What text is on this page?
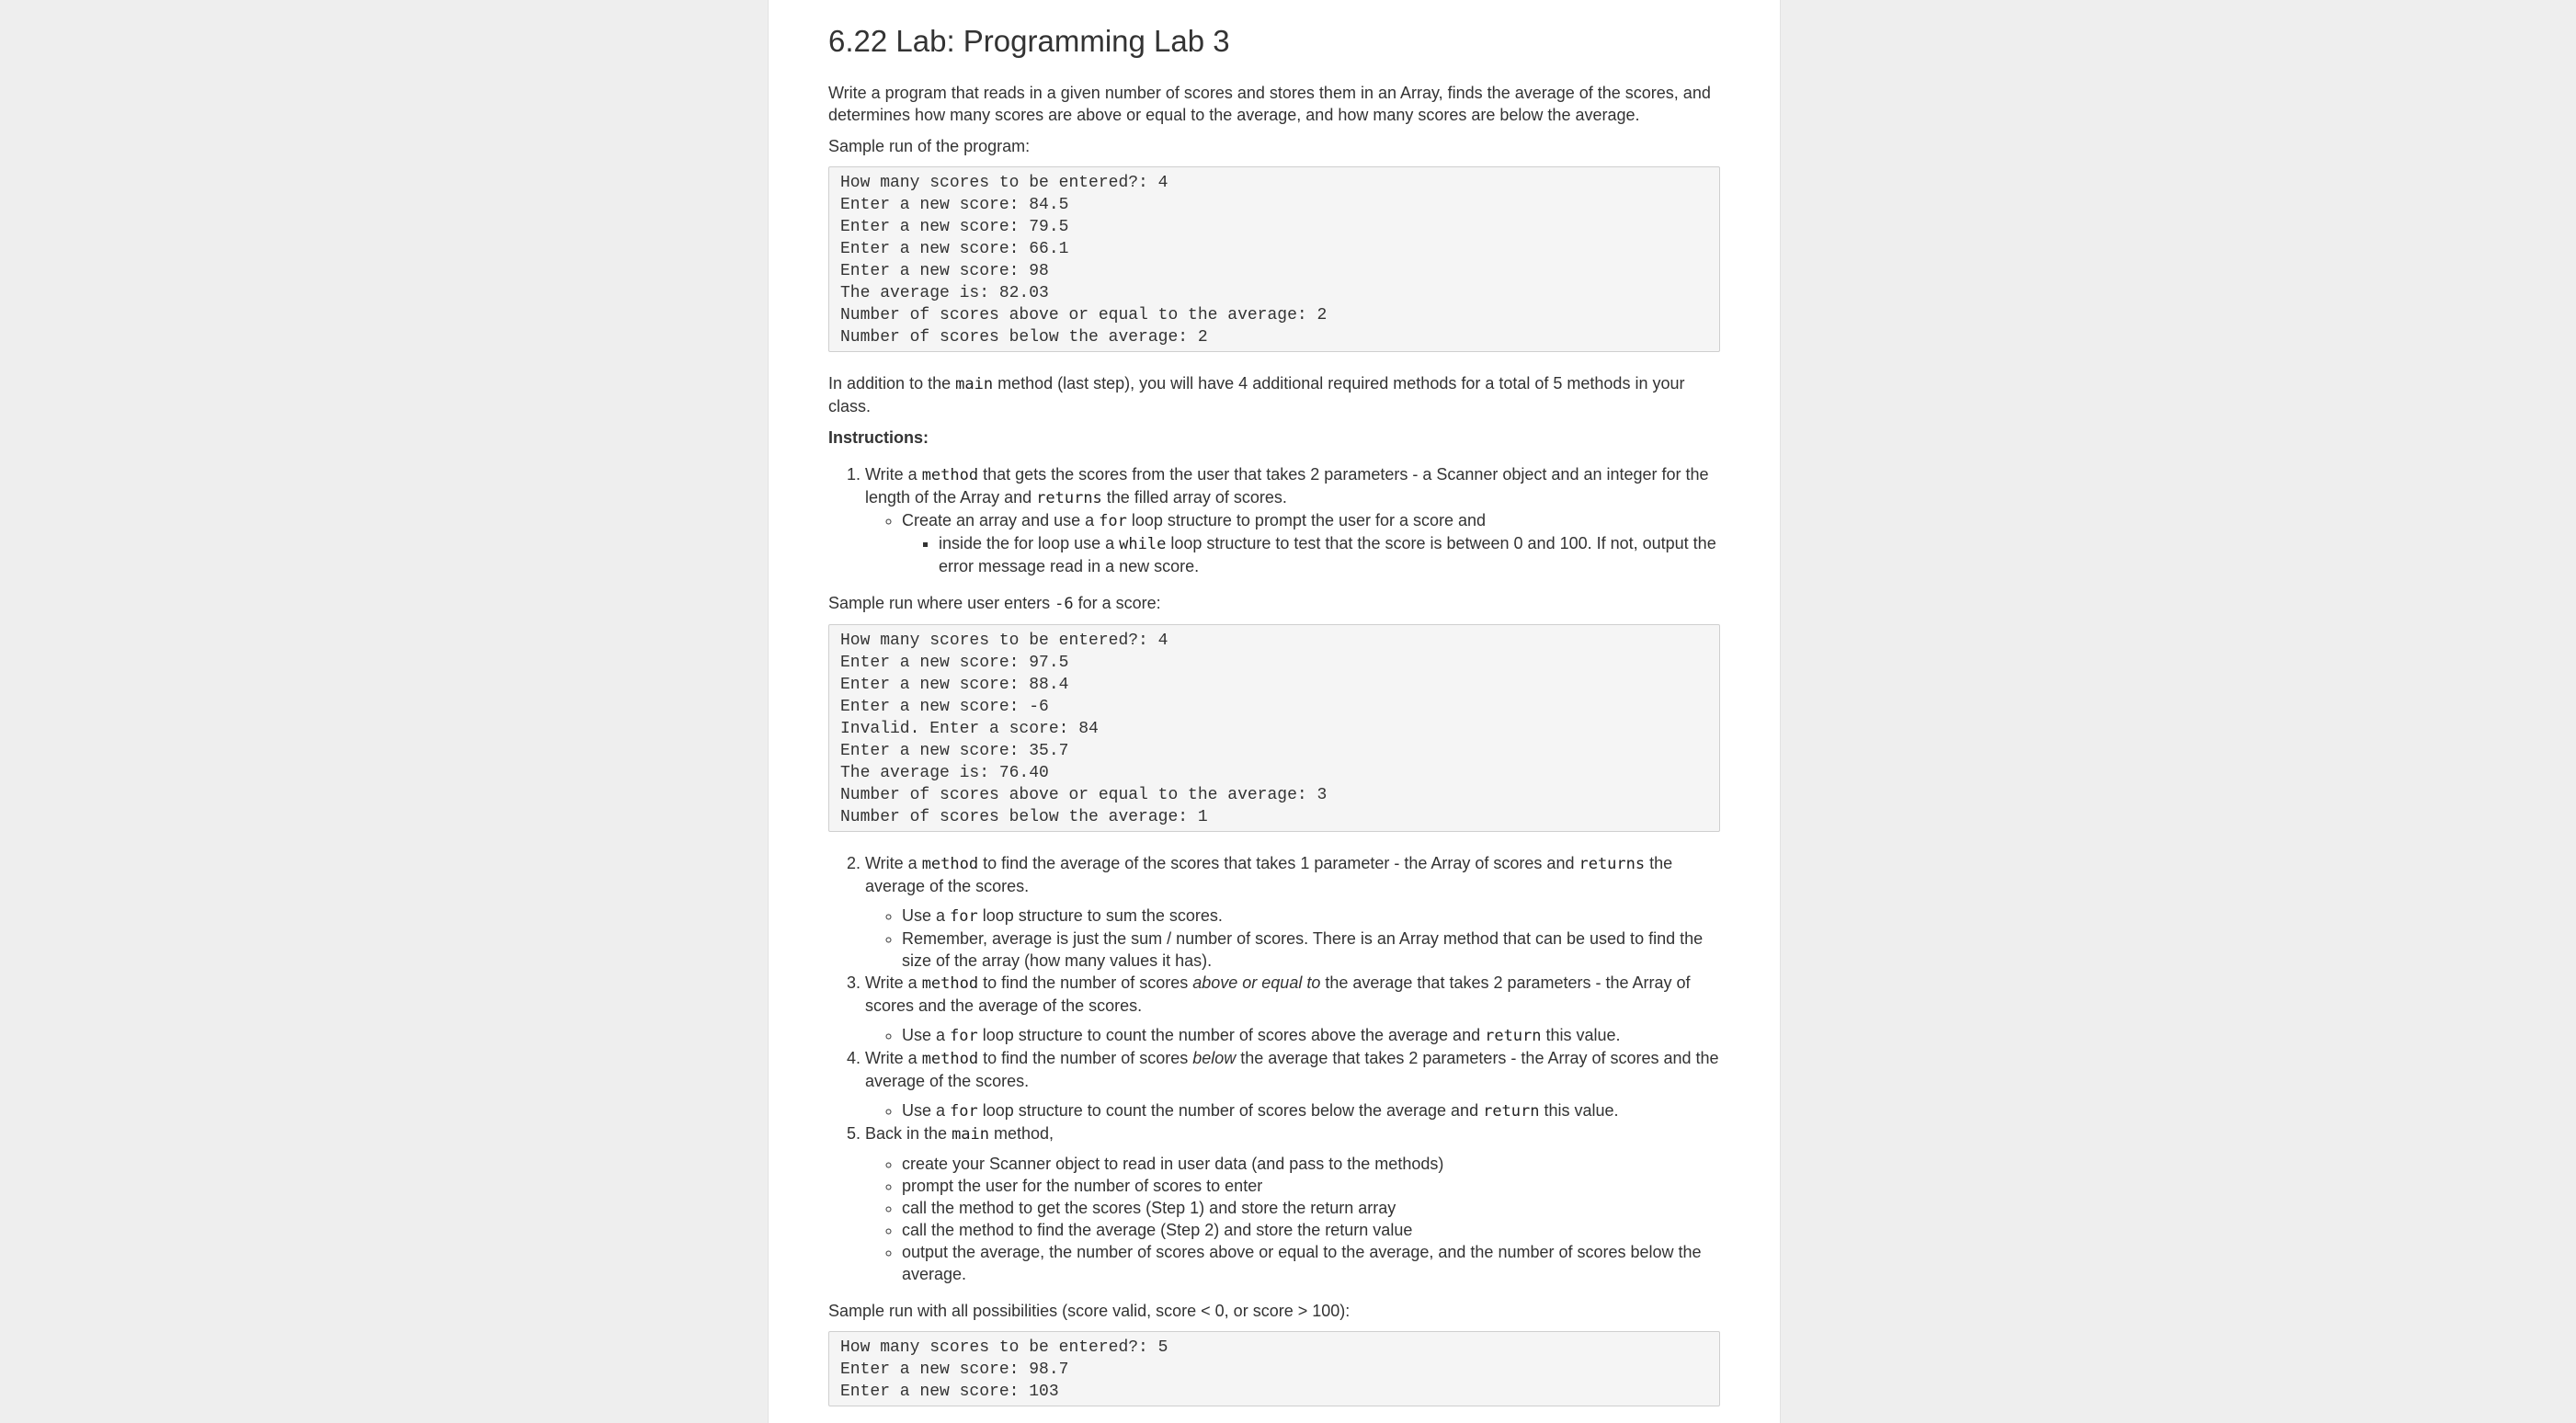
6.22 Lab: Programming Lab 3

Write a program that reads in a given number of scores and stores them in an Array, finds the average of the scores, and determines how many scores are above or equal to the average, and how many scores are below the average.

Sample run of the program:

How many scores to be entered?: 4
Enter a new score: 84.5
Enter a new score: 79.5
Enter a new score: 66.1
Enter a new score: 98
The average is: 82.03
Number of scores above or equal to the average: 2
Number of scores below the average: 2

In addition to the main method (last step), you will have 4 additional required methods for a total of 5 methods in your class.

Instructions:

1. Write a method that gets the scores from the user that takes 2 parameters - a Scanner object and an integer for the length of the Array and returns the filled array of scores.
◦ Create an array and use a for loop structure to prompt the user for a score and
▪ inside the for loop use a while loop structure to test that the score is between 0 and 100. If not, output the error message read in a new score.

Sample run where user enters -6 for a score:

How many scores to be entered?: 4
Enter a new score: 97.5
Enter a new score: 88.4
Enter a new score: -6
Invalid. Enter a score: 84
Enter a new score: 35.7
The average is: 76.40
Number of scores above or equal to the average: 3
Number of scores below the average: 1
2. Write a method to find the average of the scores that takes 1 parameter - the Array of scores and returns the average of the scores.
◦ Use a for loop structure to sum the scores.
◦ Remember, average is just the sum / number of scores. There is an Array method that can be used to find the size of the array (how many values it has).
3. Write a method to find the number of scores above or equal to the average that takes 2 parameters - the Array of scores and the average of the scores.
◦ Use a for loop structure to count the number of scores above the average and return this value.
4. Write a method to find the number of scores below the average that takes 2 parameters - the Array of scores and the average of the scores.
◦ Use a for loop structure to count the number of scores below the average and return this value.
5. Back in the main method,
◦ create your Scanner object to read in user data (and pass to the methods)
◦ prompt the user for the number of scores to enter
◦ call the method to get the scores (Step 1) and store the return array
◦ call the method to find the average (Step 2) and store the return value
◦ output the average, the number of scores above or equal to the average, and the number of scores below the average.

Sample run with all possibilities (score valid, score < 0, or score > 100):

How many scores to be entered?: 5
Enter a new score: 98.7
Enter a new score: 103
